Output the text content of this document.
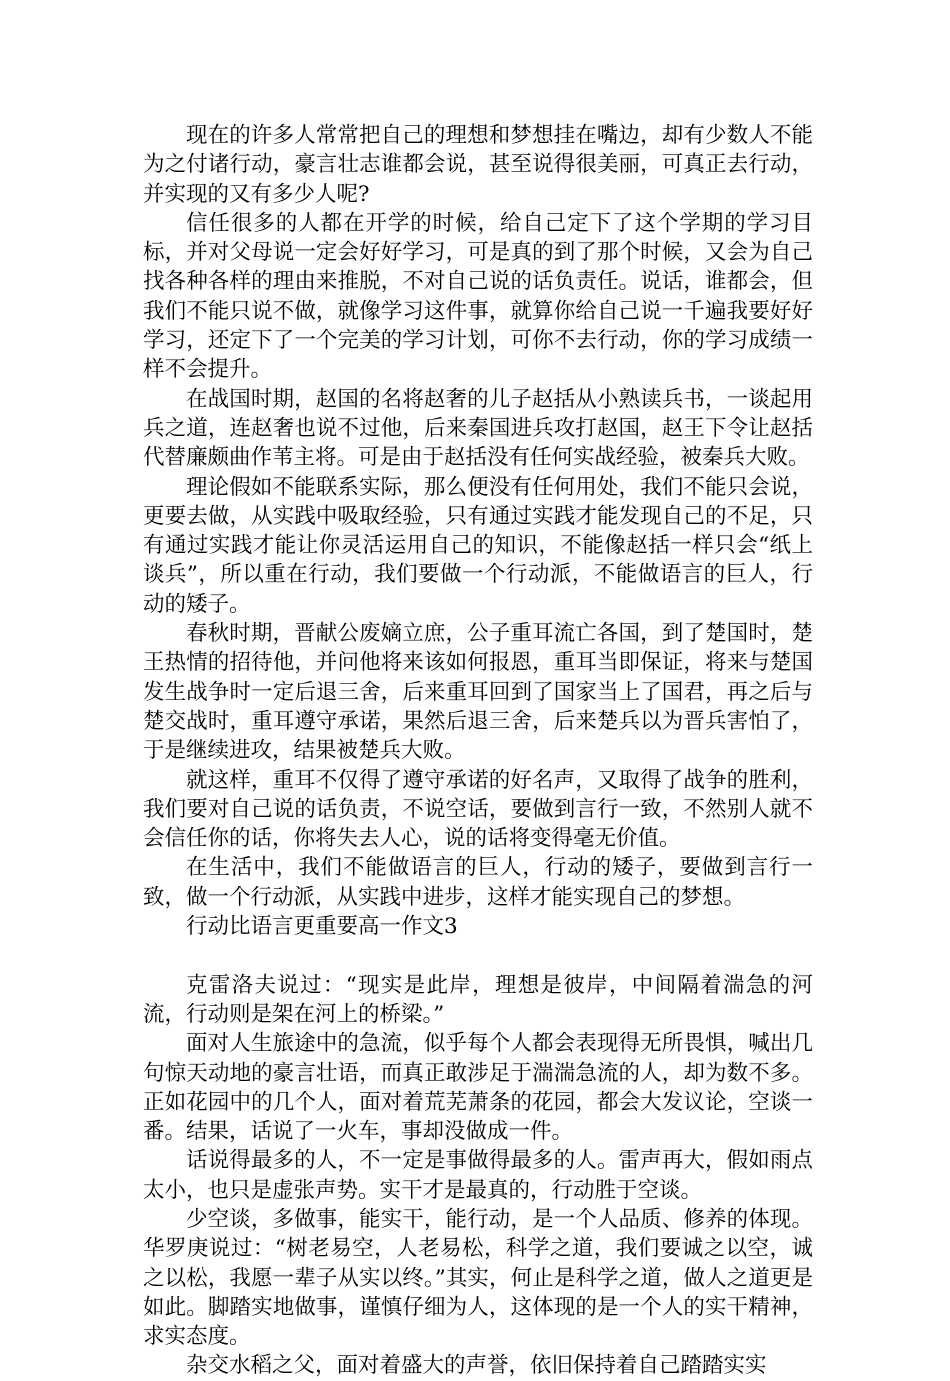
现在的许多人常常把自己的理想和梦想挂在嘴边，却有少数人不能为之付诸行动，豪言壮志谁都会说，甚至说得很美丽，可真正去行动，并实现的又有多少人呢?

信任很多的人都在开学的时候，给自己定下了这个学期的学习目标，并对父母说一定会好好学习，可是真的到了那个时候，又会为自己找各种各样的理由来推脱，不对自己说的话负责任。说话，谁都会，但我们不能只说不做，就像学习这件事，就算你给自己说一千遍我要好好学习，还定下了一个完美的学习计划，可你不去行动，你的学习成绩一样不会提升。

在战国时期，赵国的名将赵奢的儿子赵括从小熟读兵书，一谈起用兵之道，连赵奢也说不过他，后来秦国进兵攻打赵国，赵王下令让赵括代替廉颇曲作苇主将。可是由于赵括没有任何实战经验，被秦兵大败。

理论假如不能联系实际，那么便没有任何用处，我们不能只会说，更要去做，从实践中吸取经验，只有通过实践才能发现自己的不足，只有通过实践才能让你灵活运用自己的知识，不能像赵括一样只会“纸上谈兵”，所以重在行动，我们要做一个行动派，不能做语言的巨人，行动的矮子。

春秋时期，晋献公废嫡立庶，公子重耳流亡各国，到了楚国时，楚王热情的招待他，并问他将来该如何报恩，重耳当即保证，将来与楚国发生战争时一定后退三舍，后来重耳回到了国家当上了国君，再之后与楚交战时，重耳遵守承诺，果然后退三舍，后来楚兵以为晋兵害怕了，于是继续进攻，结果被楚兵大败。

就这样，重耳不仅得了遵守承诺的好名声，又取得了战争的胜利，我们要对自己说的话负责，不说空话，要做到言行一致，不然别人就不会信任你的话，你将失去人心，说的话将变得毫无价值。

在生活中，我们不能做语言的巨人，行动的矮子，要做到言行一致，做一个行动派，从实践中进步，这样才能实现自己的梦想。

行动比语言更重要高一作文3

克雷洛夫说过：“现实是此岸，理想是彼岸，中间隔着湍急的河流，行动则是架在河上的桥梁。”

面对人生旅途中的急流，似乎每个人都会表现得无所畏惧，喊出几句惊天动地的豪言壮语，而真正敢涉足于湍湍急流的人，却为数不多。正如花园中的几个人，面对着荒芜萧条的花园，都会大发议论，空谈一番。结果，话说了一火车，事却没做成一件。

话说得最多的人，不一定是事做得最多的人。雷声再大，假如雨点太小，也只是虚张声势。实干才是最真的，行动胜于空谈。

少空谈，多做事，能实干，能行动，是一个人品质、修养的体现。华罗庚说过：“树老易空，人老易松，科学之道，我们要诚之以空，诚之以松，我愿一辈子从实以终。”其实，何止是科学之道，做人之道更是如此。脚踏实地做事，谨慎仔细为人，这体现的是一个人的实干精神，求实态度。

杂交水稻之父，面对着盛大的声誉，依旧保持着自己踏踏实实
